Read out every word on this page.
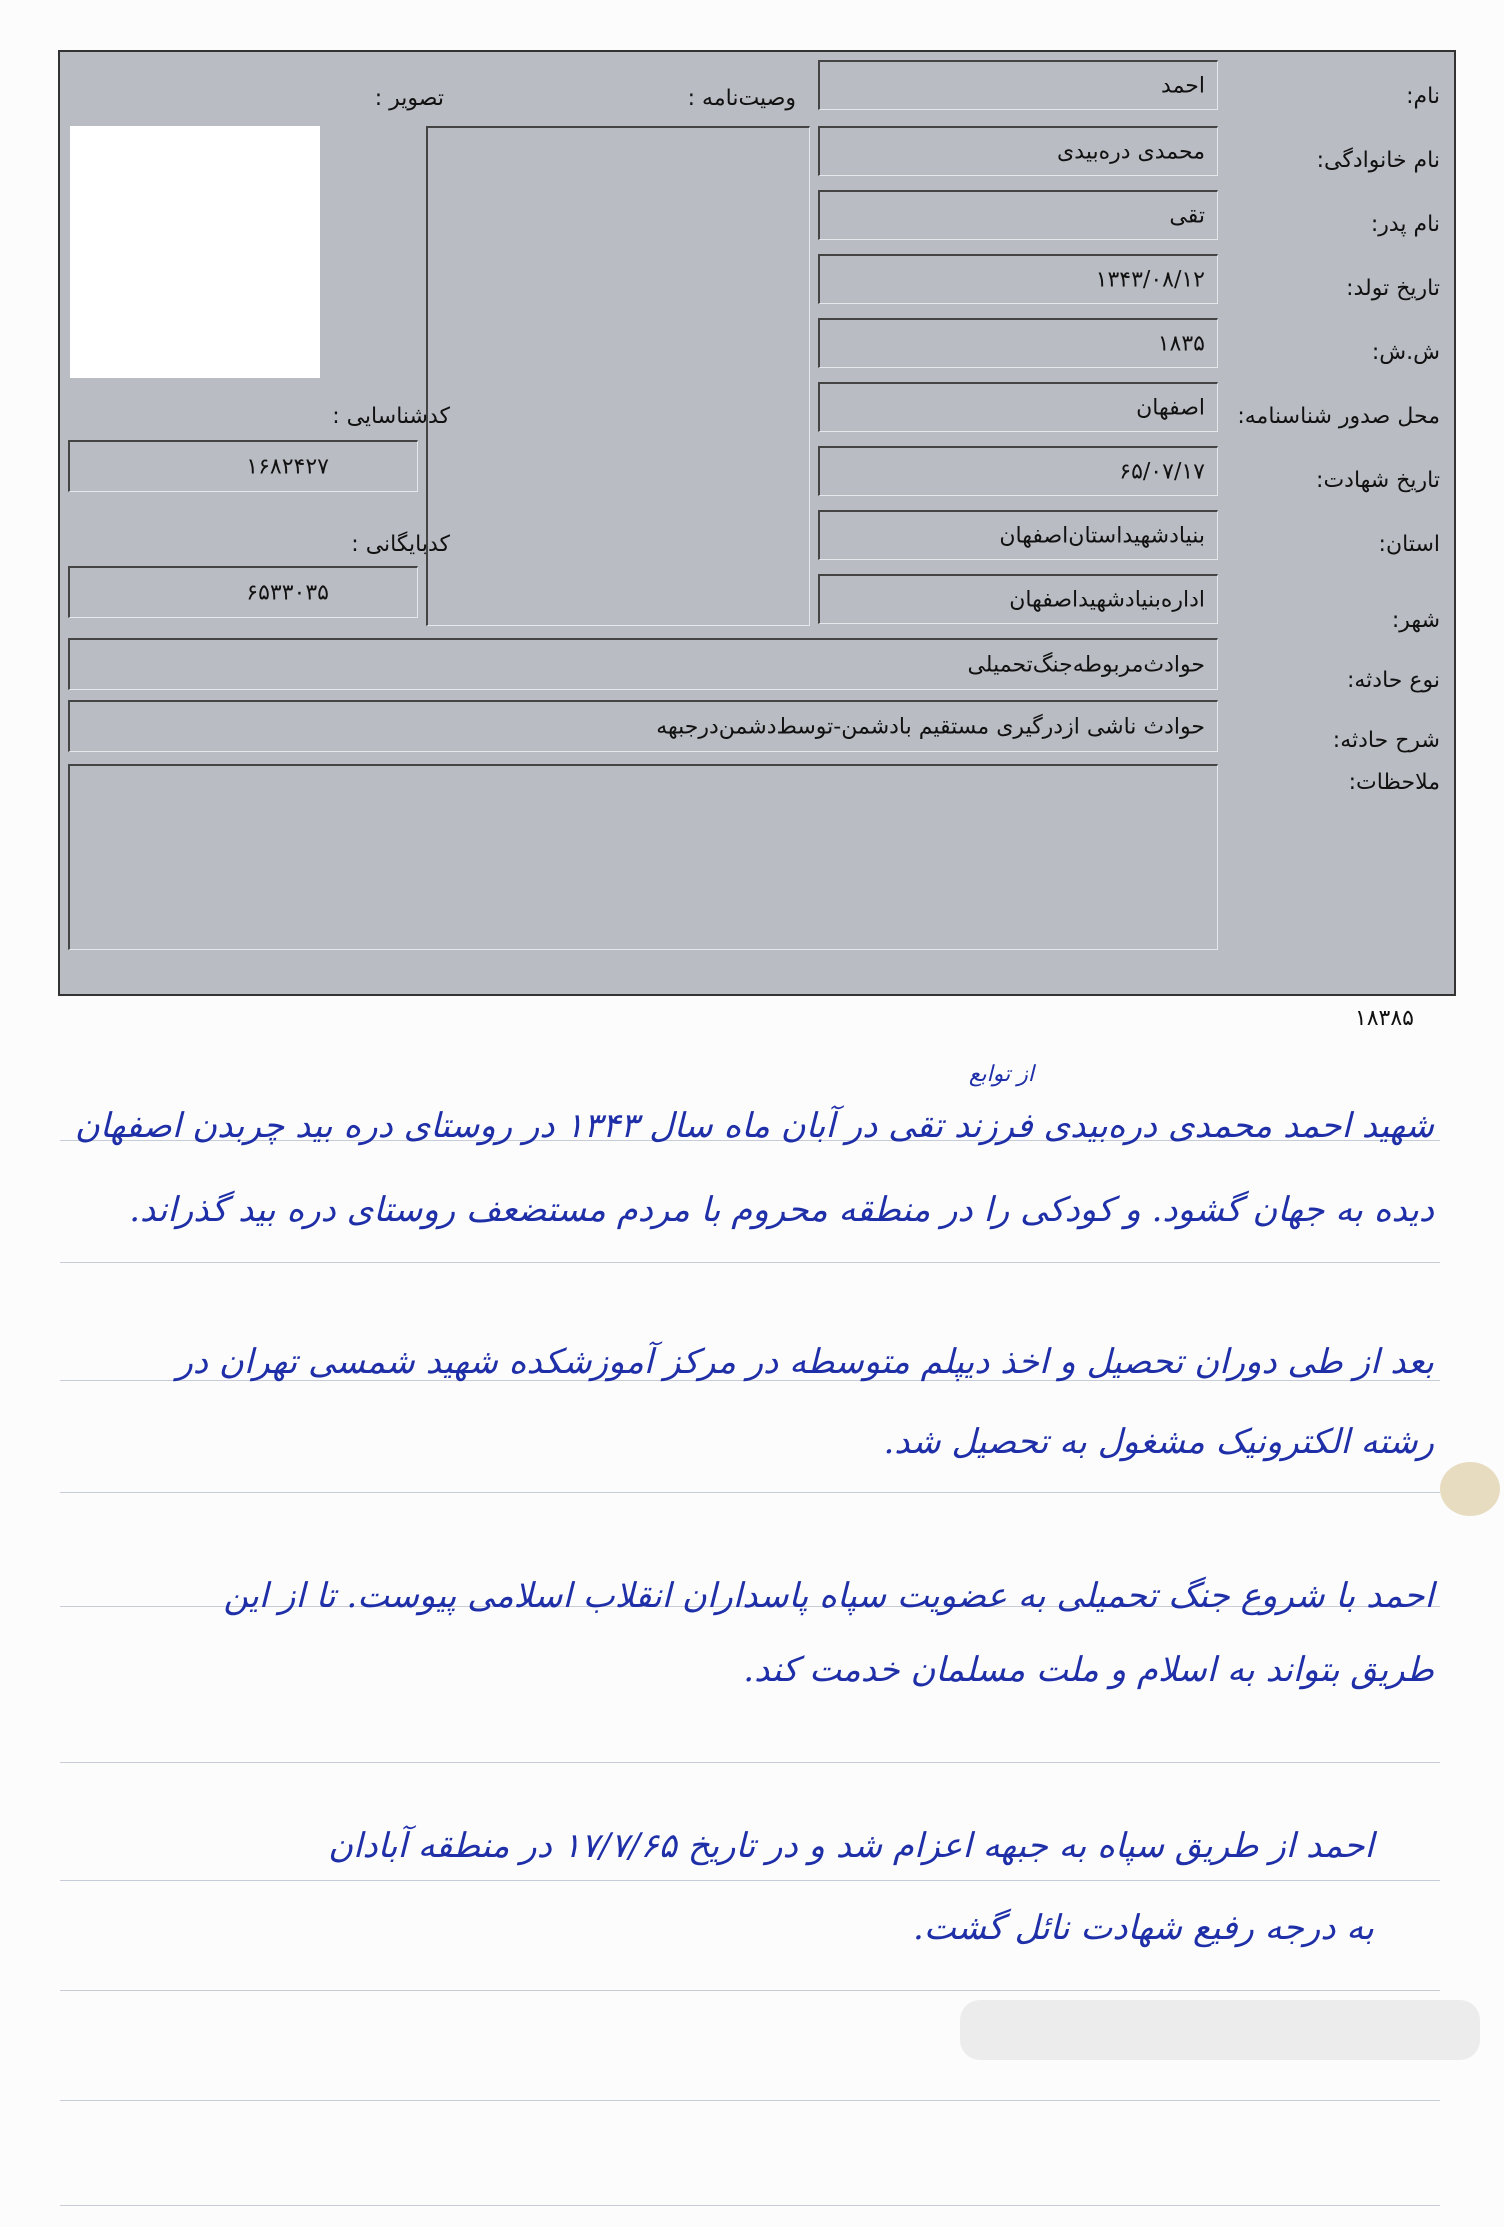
نام:
نام خانوادگی:
نام پدر:
تاریخ تولد:
ش.ش:
محل صدور شناسنامه:
تاریخ شهادت:
استان:
شهر:
نوع حادثه:
شرح حادثه:
ملاحظات:
احمد
محمدی دره‌بیدی
تقی
۱۳۴۳/۰۸/۱۲
۱۸۳۵
اصفهان
۶۵/۰۷/۱۷
بنیادشهیداستان‌اصفهان
اداره‌بنیادشهیداصفهان
حوادث‌مربوطه‌جنگ‌تحمیلی
حوادث ناشی ازدرگیری مستقیم بادشمن-توسط‌دشمن‌درجبهه
وصیت‌نامه :
تصویر :
کدشناسایی :
۱۶۸۲۴۲۷
کدبایگانی :
۶۵۳۳۰۳۵
۱۸۳۸۵
از توابع
شهید احمد محمدی دره‌بیدی فرزند تقی در آبان ماه سال ۱۳۴۳ در روستای دره بید چربدن اصفهان
دیده به جهان گشود. و کودکی را در منطقه محروم با مردم مستضعف روستای دره بید گذراند.
بعد از طی دوران تحصیل و اخذ دیپلم متوسطه در مرکز آموزشکده شهید شمسی تهران در
رشته الکترونیک مشغول به تحصیل شد.
احمد با شروع جنگ تحمیلی به عضویت سپاه پاسداران انقلاب اسلامی پیوست. تا از این
طریق بتواند به اسلام و ملت مسلمان خدمت کند.
احمد از طریق سپاه به جبهه اعزام شد و در تاریخ ۱۷/۷/۶۵ در منطقه آبادان
به درجه رفیع شهادت نائل گشت.
